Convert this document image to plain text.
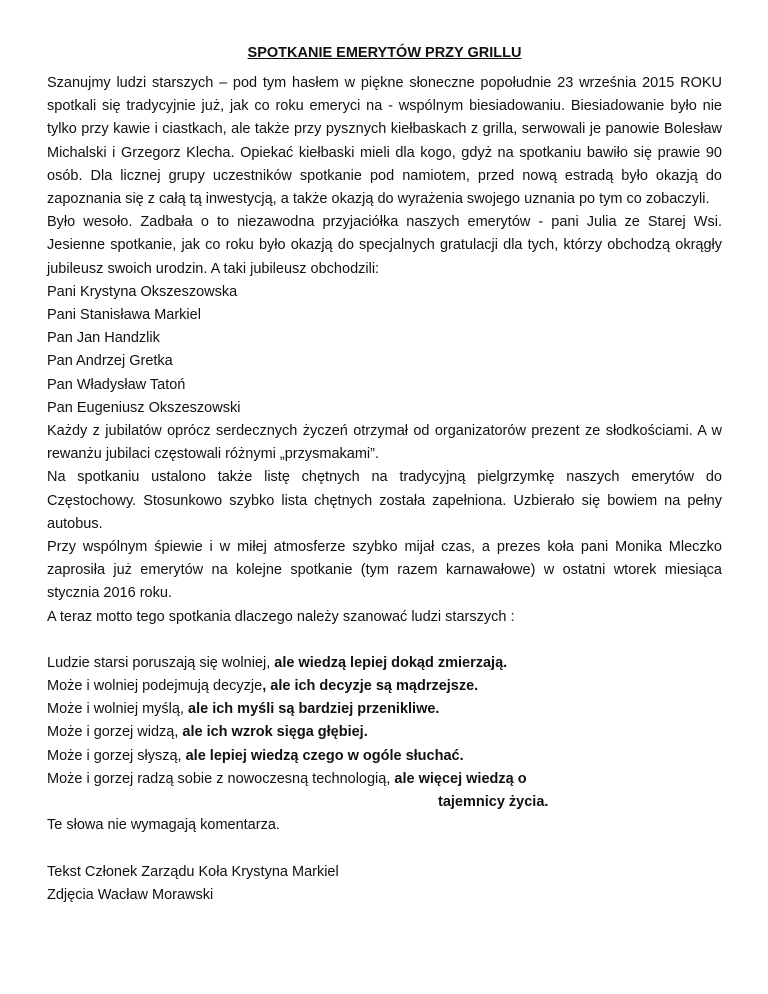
SPOTKANIE EMERYTÓW PRZY GRILLU

Szanujmy ludzi starszych – pod tym hasłem w piękne słoneczne popołudnie 23 września 2015 ROKU spotkali się tradycyjnie już, jak co roku emeryci na - wspólnym biesiadowaniu. Biesiadowanie było nie tylko przy kawie i ciastkach, ale także przy pysznych kiełbaskach z grilla, serwowali je panowie Bolesław Michalski i Grzegorz Klecha. Opiekać kiełbaski mieli dla kogo, gdyż na spotkaniu bawiło się prawie 90 osób. Dla licznej grupy uczestników spotkanie pod namiotem, przed nową estradą było okazją do zapoznania się z całą tą inwestycją, a także okazją do wyrażenia swojego uznania po tym co zobaczyli.

Było wesoło. Zadbała o to niezawodna przyjaciółka naszych emerytów - pani Julia ze Starej Wsi. Jesienne spotkanie, jak co roku było okazją do specjalnych gratulacji dla tych, którzy obchodzą okrągły jubileusz swoich urodzin. A taki jubileusz obchodzili:

Pani Krystyna Okszeszowska
Pani Stanisława Markiel
Pan Jan Handzlik
Pan Andrzej Gretka
Pan Władysław Tatoń
Pan Eugeniusz Okszeszowski

Każdy z jubilatów oprócz serdecznych życzeń otrzymał od organizatorów prezent ze słodkościami. A w rewanżu jubilaci częstowali różnymi „przysmakami”.

Na spotkaniu ustalono także listę chętnych na tradycyjną pielgrzymkę naszych emerytów do Częstochowy. Stosunkowo szybko lista chętnych została zapełniona. Uzbierało się bowiem na pełny autobus.

Przy wspólnym śpiewie i w miłej atmosferze szybko mijał czas, a prezes koła pani Monika Mleczko zaprosiła już emerytów na kolejne spotkanie (tym razem karnawałowe) w ostatni wtorek miesiąca stycznia 2016 roku.

A teraz motto tego spotkania dlaczego należy szanować ludzi starszych :

Ludzie starsi poruszają się wolniej, ale wiedzą lepiej dokąd zmierzają.
Może i wolniej podejmują decyzje, ale ich decyzje są mądrzejsze.
Może i wolniej myślą, ale ich myśli są bardziej przenikliwe.
Może i gorzej widzą, ale ich wzrok sięga głębiej.
Może i gorzej słyszą, ale lepiej wiedzą czego w ogóle słuchać.
Może i gorzej radzą sobie z nowoczesną technologią, ale więcej wiedzą o
tajemnicy życia.
Te słowa nie wymagają komentarza.
Tekst Członek Zarządu Koła Krystyna Markiel
Zdjęcia Wacław Morawski
